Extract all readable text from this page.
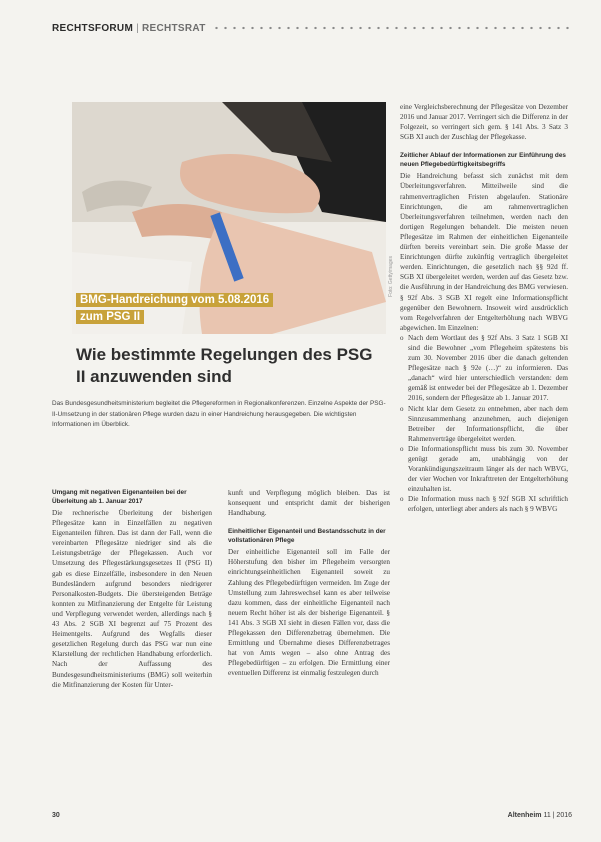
RECHTSFORUM | RECHTSRAT
Foto: Gettyimages
BMG-Handreichung vom 5.08.2016 zum PSG II
Wie bestimmte Regelungen des PSG II anzuwenden sind
Das Bundesgesundheitsministerium begleitet die Pflegereformen in Regionalkonferenzen. Einzelne Aspekte der PSG-II-Umsetzung in der stationären Pflege wurden dazu in einer Handreichung herausgegeben. Die wichtigsten Informationen im Überblick.
Umgang mit negativen Eigenanteilen bei der Überleitung ab 1. Januar 2017

Die rechnerische Überleitung der bisherigen Pflegesätze kann in Einzelfällen zu negativen Eigenanteilen führen. Das ist dann der Fall, wenn die vereinbarten Pflegesätze niedriger sind als die Leistungsbeträge der Pflegekassen. Auch vor Umsetzung des Pflegestärkungsgesetzes II (PSG II) gab es diese Einzelfälle, insbesondere in den Neuen Bundesländern aufgrund besonders niedrigerer Personalkosten-Budgets. Die übersteigenden Beträge konnten zu Mitfinanzierung der Entgelte für Leistung und Verpflegung verwendet werden, allerdings nach § 43 Abs. 2 SGB XI begrenzt auf 75 Prozent des Heimentgelts. Aufgrund des Wegfalls dieser gesetzlichen Regelung durch das PSG war nun eine Klarstellung der rechtlichen Handhabung erforderlich. Nach der Auffassung des Bundesgesundheitsministeriums (BMG) soll weiterhin die Mitfinanzierung der Kosten für Unter-

kunft und Verpflegung möglich bleiben. Das ist konsequent und entspricht damit der bisherigen Handhabung.

Einheitlicher Eigenanteil und Bestandsschutz in der vollstationären Pflege

Der einheitliche Eigenanteil soll im Falle der Höherstufung den bisher im Pflegeheim versorgten einrichtungseinheitlichen Eigenanteil soweit zu Zahlung des Pflegebedürftigen vermeiden. Im Zuge der Umstellung zum Jahreswechsel kann es aber teilweise dazu kommen, dass der einheitliche Eigenanteil nach neuem Recht höher ist als der bisherige Eigenanteil. § 141 Abs. 3 SGB XI sieht in diesen Fällen vor, dass die Pflegekassen den Differenzbetrag übernehmen. Die Ermittlung und Übernahme dieses Differenzbetrages hat von Amts wegen – also ohne Antrag des Pflegebedürftigen – zu erfolgen. Die Ermittlung einer eventuellen Differenz ist einmalig festzulegen durch

eine Vergleichsberechnung der Pflegesätze von Dezember 2016 und Januar 2017. Verringert sich die Differenz in der Folgezeit, so verringert sich gem. § 141 Abs. 3 Satz 3 SGB XI auch der Zuschlag der Pflegekasse.

Zeitlicher Ablauf der Informationen zur Einführung des neuen Pflegebedürftigkeitsbegriffs

Die Handreichung befasst sich zunächst mit dem Überleitungsverfahren. Mitteilweile sind die rahmenvertraglichen Fristen abgelaufen. Stationäre Einrichtungen, die am rahmenvertraglichen Überleitungsverfahren teilnehmen, werden nach den dortigen Regelungen behandelt. Die meisten neuen Pflegesätze im Rahmen der einheitlichen Eigenanteile dürften bereits vereinbart sein. Die große Masse der Einrichtungen dürfte zukünftig vertraglich übergeleitet werden. Einrichtungen, die gesetzlich nach §§ 92d ff. SGB XI übergeleitet werden, werden auf das Gesetz bzw. die Ausführung in der Handreichung des BMG verwiesen. § 92f Abs. 3 SGB XI regelt eine Informationspflicht gegenüber den Bewohnern. Insoweit wird ausdrücklich vom Regelverfahren der Entgelterhöhung nach WBVG abgewichen. Im Einzelnen:

o Nach dem Wortlaut des § 92f Abs. 3 Satz 1 SGB XI sind die Bewohner „vom Pflegeheim spätestens bis zum 30. November 2016 über die danach geltenden Pflegesätze nach § 92e (…)“ zu informieren. Das „danach“ wird hier unterschiedlich verstanden: dem gemäß ist entweder bei der Pflegesätze ab 1. Dezember 2016, sondern der Pflegesätze ab 1. Januar 2017.
o Nicht klar dem Gesetz zu entnehmen, aber nach dem Sinnzusammenhang anzunehmen, auch diejenigen Betreiber der Informationspflicht, die über Rahmenverträge übergeleitet werden.
o Die Informationspflicht muss bis zum 30. November genügt gerade am, unabhängig von der Vorankündigungszeitraum länger als der nach WBVG, der vier Wochen vor Inkrafttreten der Entgelterhöhung einzuhalten ist.
o Die Information muss nach § 92f SGB XI schriftlich erfolgen, unterliegt aber anders als nach § 9 WBVG
30	Altenheim 11 | 2016
